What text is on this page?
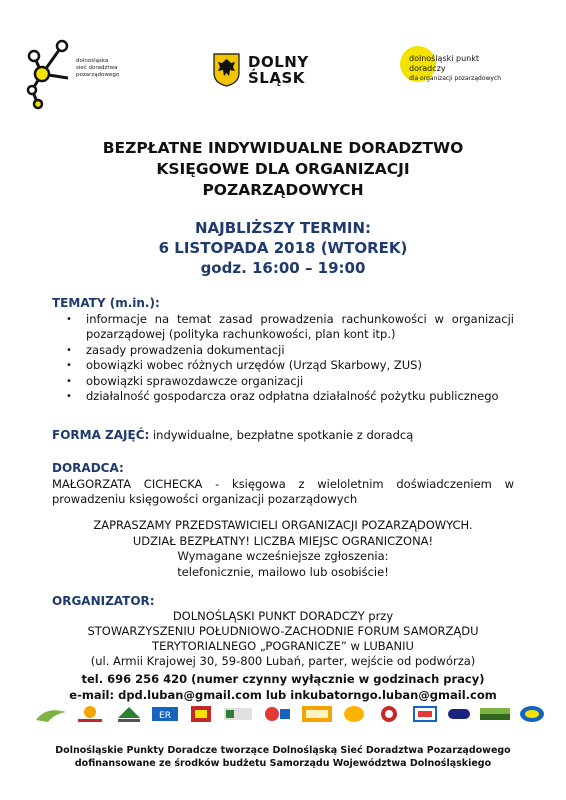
dolnośląska
sieć doradztwa
pozarządowego
DOLNY
ŚLĄSK
dolnośląski punkt
doradczy
dla organizacji pozarządowych
BEZPŁATNE INDYWIDUALNE DORADZTWO
KSIĘGOWE DLA ORGANIZACJI
POZARZĄDOWYCH
NAJBLIŻSZY TERMIN:
6 LISTOPADA 2018 (WTOREK)
godz. 16:00 – 19:00
TEMATY (m.in.):
• informacje na temat zasad prowadzenia rachunkowości w organizacji pozarządowej (polityka rachunkowości, plan kont itp.)
• zasady prowadzenia dokumentacji
• obowiązki wobec różnych urzędów (Urząd Skarbowy, ZUS)
• obowiązki sprawozdawcze organizacji
• działalność gospodarcza oraz odpłatna działalność pożytku publicznego
FORMA ZAJĘĆ: indywidualne, bezpłatne spotkanie z doradcą
DORADCA:
MAŁGORZATA CICHECKA - księgowa z wieloletnim doświadczeniem w prowadzeniu księgowości organizacji pozarządowych
ZAPRASZAMY PRZEDSTAWICIELI ORGANIZACJI POZARZĄDOWYCH.
UDZIAŁ BEZPŁATNY! LICZBA MIEJSC OGRANICZONA!
Wymagane wcześniejsze zgłoszenia:
telefonicznie, mailowo lub osobiście!
ORGANIZATOR:
DOLNOŚLĄSKI PUNKT DORADCZY przy
STOWARZYSZENIU POŁUDNIOWO-ZACHODNIE FORUM SAMORZĄDU
TERYTORIALNEGO „POGRANICZE” w LUBANIU
(ul. Armii Krajowej 30, 59-800 Lubań, parter, wejście od podwórza)
tel. 696 256 420 (numer czynny wyłącznie w godzinach pracy)
e-mail: dpd.luban@gmail.com lub inkubatorngo.luban@gmail.com
ER
Dolnośląskie Punkty Doradcze tworzące Dolnośląską Sieć Doradztwa Pozarządowego
dofinansowane ze środków budżetu Samorządu Województwa Dolnośląskiego
